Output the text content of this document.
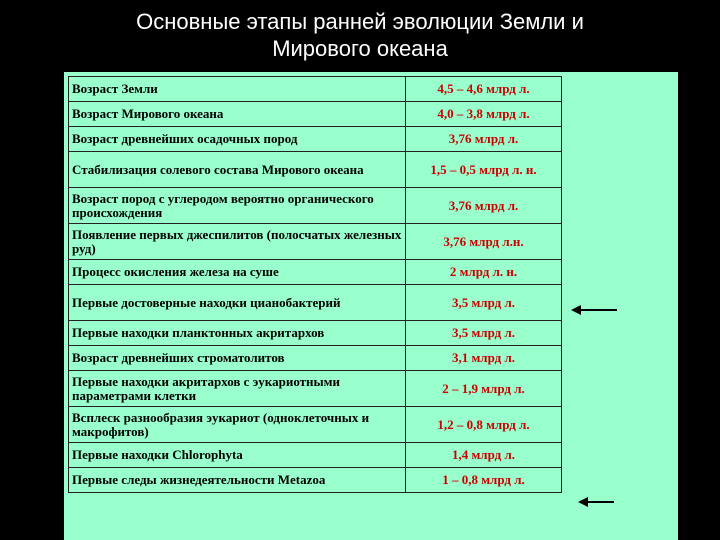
Основные этапы ранней эволюции Земли и
Мирового океана
Возраст Земли	4,5 – 4,6 млрд л.
Возраст Мирового океана	4,0 – 3,8 млрд л.
Возраст древнейших осадочных пород	3,76 млрд л.
Стабилизация солевого состава Мирового океана	1,5 – 0,5 млрд л. н.
Возраст пород с углеродом вероятно органического происхождения	3,76 млрд л.
Появление первых джеспилитов (полосчатых железных руд)	3,76 млрд л.н.
Процесс окисления железа на суше	2 млрд л. н.
Первые достоверные находки цианобактерий	3,5 млрд л.
Первые находки планктонных акритархов	3,5 млрд л.
Возраст древнейших строматолитов	3,1 млрд л.
Первые находки акритархов с эукариотными параметрами клетки	2 – 1,9 млрд л.
Всплеск разнообразия эукариот (одноклеточных и макрофитов)	1,2 – 0,8 млрд л.
Первые находки Chlorophyta	1,4 млрд л.
Первые следы жизнедеятельности Metazoa	1 – 0,8 млрд л.
